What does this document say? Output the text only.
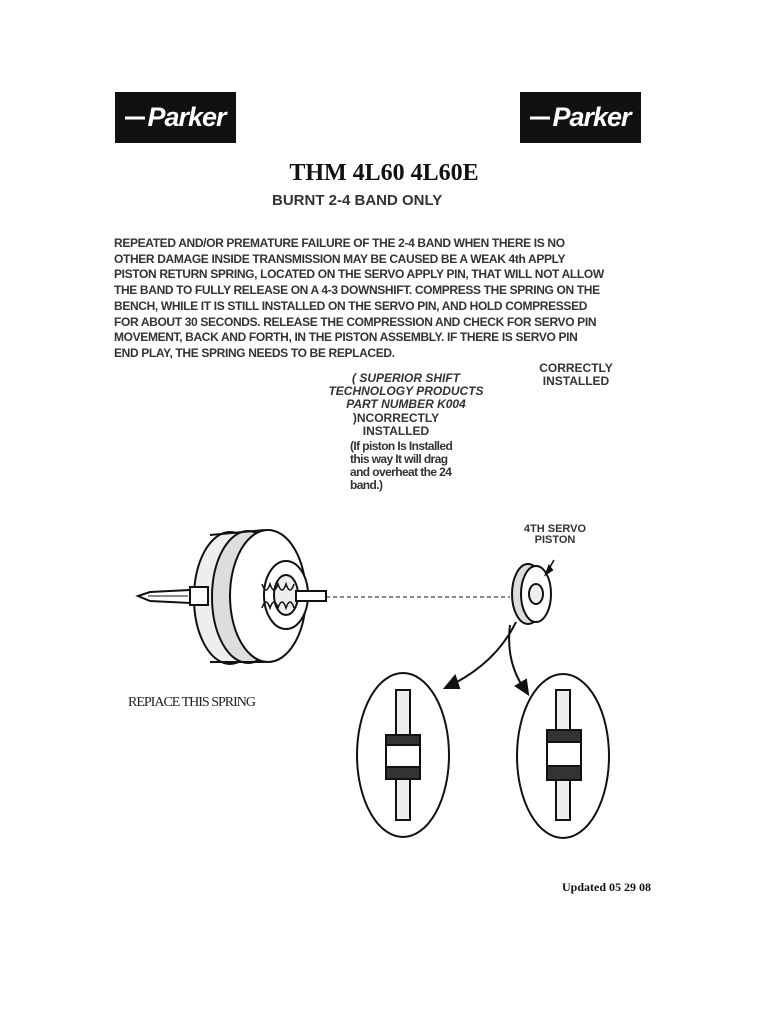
Parker	Parker
THM 4L60 4L60E
BURNT 2-4 BAND ONLY
REPEATED AND/OR PREMATURE FAILURE OF THE 2-4 BAND WHEN THERE IS NO
OTHER DAMAGE INSIDE TRANSMISSION MAY BE CAUSED BE A WEAK 4th APPLY
PISTON RETURN SPRING, LOCATED ON THE SERVO APPLY PIN, THAT WILL NOT ALLOW
THE BAND TO FULLY RELEASE ON A 4-3 DOWNSHIFT. COMPRESS THE SPRING ON THE
BENCH, WHILE IT IS STILL INSTALLED ON THE SERVO PIN, AND HOLD COMPRESSED
FOR ABOUT 30 SECONDS. RELEASE THE COMPRESSION AND CHECK FOR SERVO PIN
MOVEMENT, BACK AND FORTH, IN THE PISTON ASSEMBLY. IF THERE IS SERVO PIN
END PLAY, THE SPRING NEEDS TO BE REPLACED.
CORRECTLY
INSTALLED
( SUPERIOR SHIFT
TECHNOLOGY PRODUCTS
PART NUMBER K004
)NCORRECTLY
INSTALLED
(If piston Is Installed
this way It will drag
and overheat the 24
band.)
4TH SERVO
PISTON
REPIACE THIS SPRING
Updated 05 29 08
